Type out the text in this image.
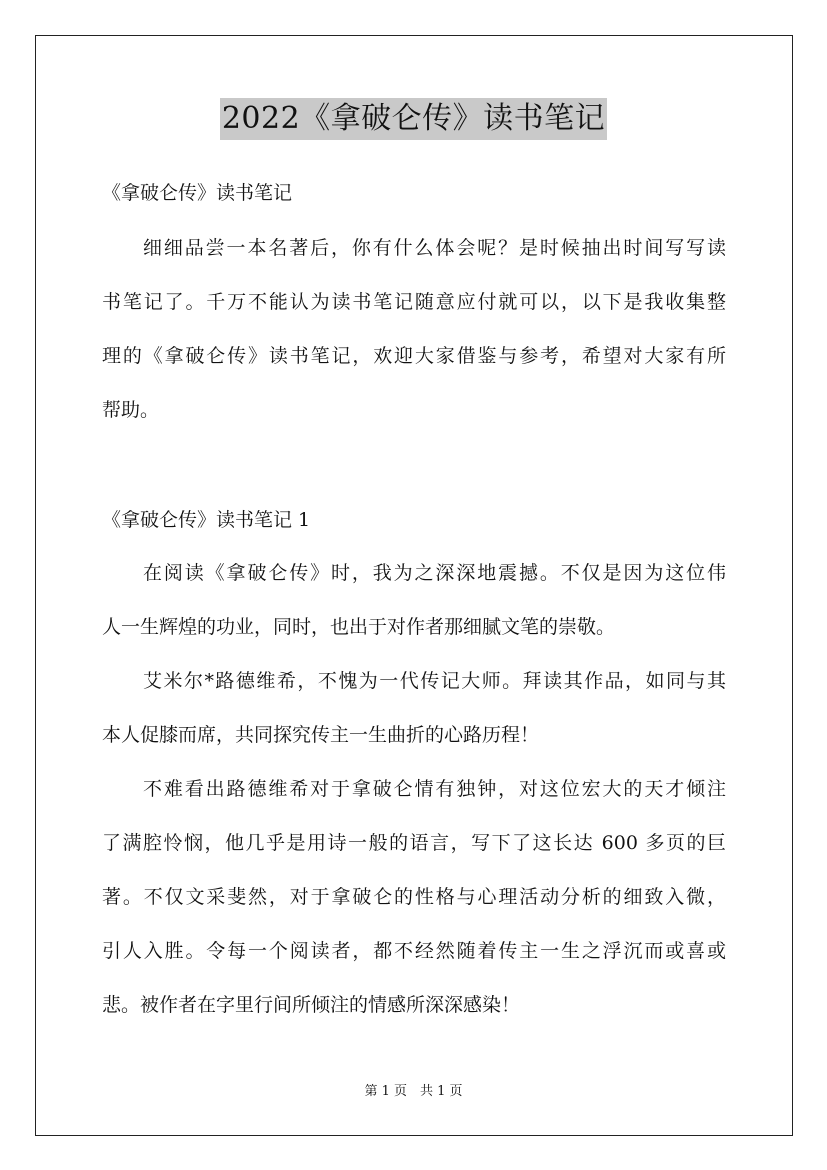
2022《拿破仑传》读书笔记
《拿破仑传》读书笔记
细细品尝一本名著后，你有什么体会呢？是时候抽出时间写写读
书笔记了。千万不能认为读书笔记随意应付就可以，以下是我收集整
理的《拿破仑传》读书笔记，欢迎大家借鉴与参考，希望对大家有所
帮助。
《拿破仑传》读书笔记 1
在阅读《拿破仑传》时，我为之深深地震撼。不仅是因为这位伟
人一生辉煌的功业，同时，也出于对作者那细腻文笔的崇敬。
艾米尔*路德维希，不愧为一代传记大师。拜读其作品，如同与其
本人促膝而席，共同探究传主一生曲折的心路历程！
不难看出路德维希对于拿破仑情有独钟，对这位宏大的天才倾注
了满腔怜悯，他几乎是用诗一般的语言，写下了这长达 600 多页的巨
著。不仅文采斐然，对于拿破仑的性格与心理活动分析的细致入微，
引人入胜。令每一个阅读者，都不经然随着传主一生之浮沉而或喜或
悲。被作者在字里行间所倾注的情感所深深感染！
第 1 页　共 1 页
